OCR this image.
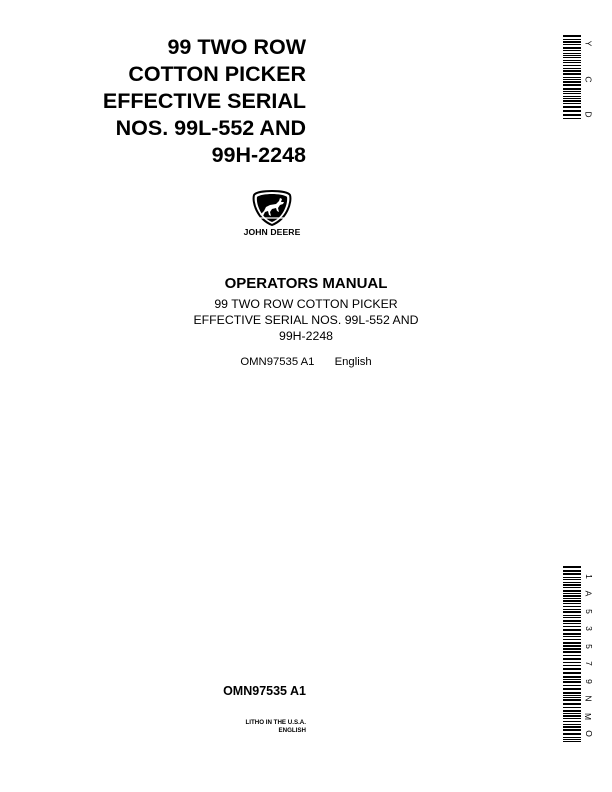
99 TWO ROW
COTTON PICKER
EFFECTIVE SERIAL
NOS. 99L-552 AND
99H-2248
JOHN DEERE
OPERATORS MANUAL
99 TWO ROW COTTON PICKER
EFFECTIVE SERIAL NOS. 99L-552 AND
99H-2248
OMN97535 A1 English
OMN97535 A1
LITHO IN THE U.S.A.
ENGLISH
Y
C
D
1
A
5
3
5
7
9
N
M
O
